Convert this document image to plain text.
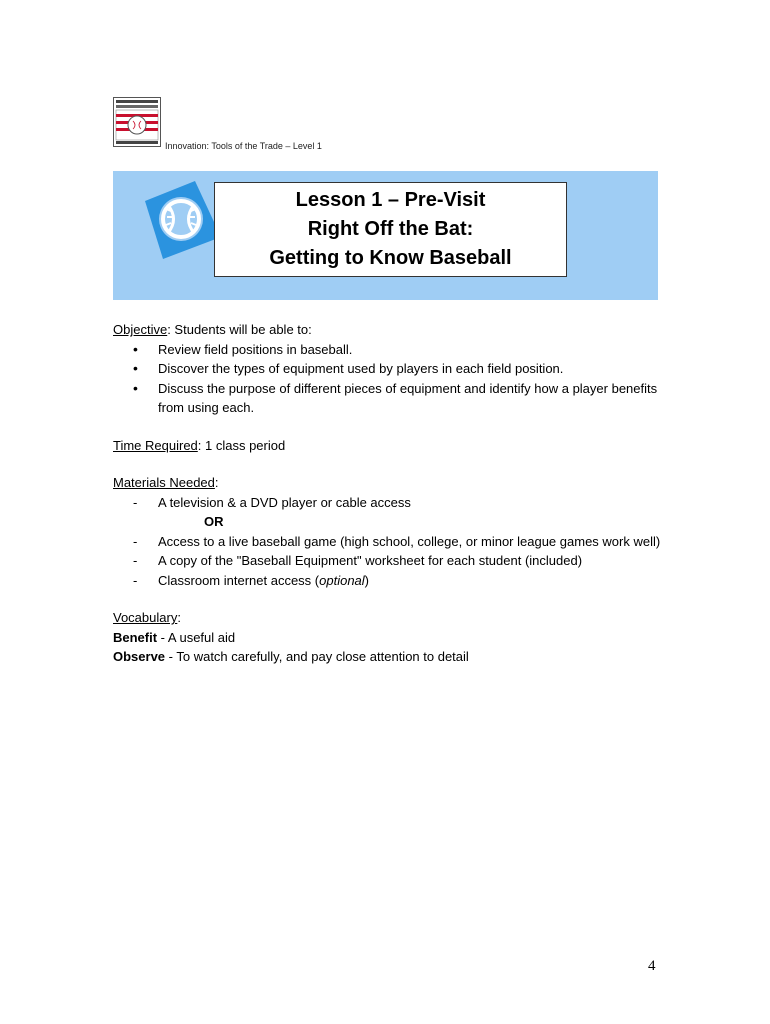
Innovation: Tools of the Trade – Level 1
Lesson 1 – Pre-Visit
Right Off the Bat:
Getting to Know Baseball

Objective: Students will be able to:

• Review field positions in baseball.
• Discover the types of equipment used by players in each field position.
• Discuss the purpose of different pieces of equipment and identify how a player benefits from using each.

Time Required: 1 class period

Materials Needed:

- A television & a DVD player or cable access

OR

- Access to a live baseball game (high school, college, or minor league games work well)
- A copy of the "Baseball Equipment" worksheet for each student (included)
- Classroom internet access (optional)

Vocabulary:

Benefit - A useful aid

Observe - To watch carefully, and pay close attention to detail

4
